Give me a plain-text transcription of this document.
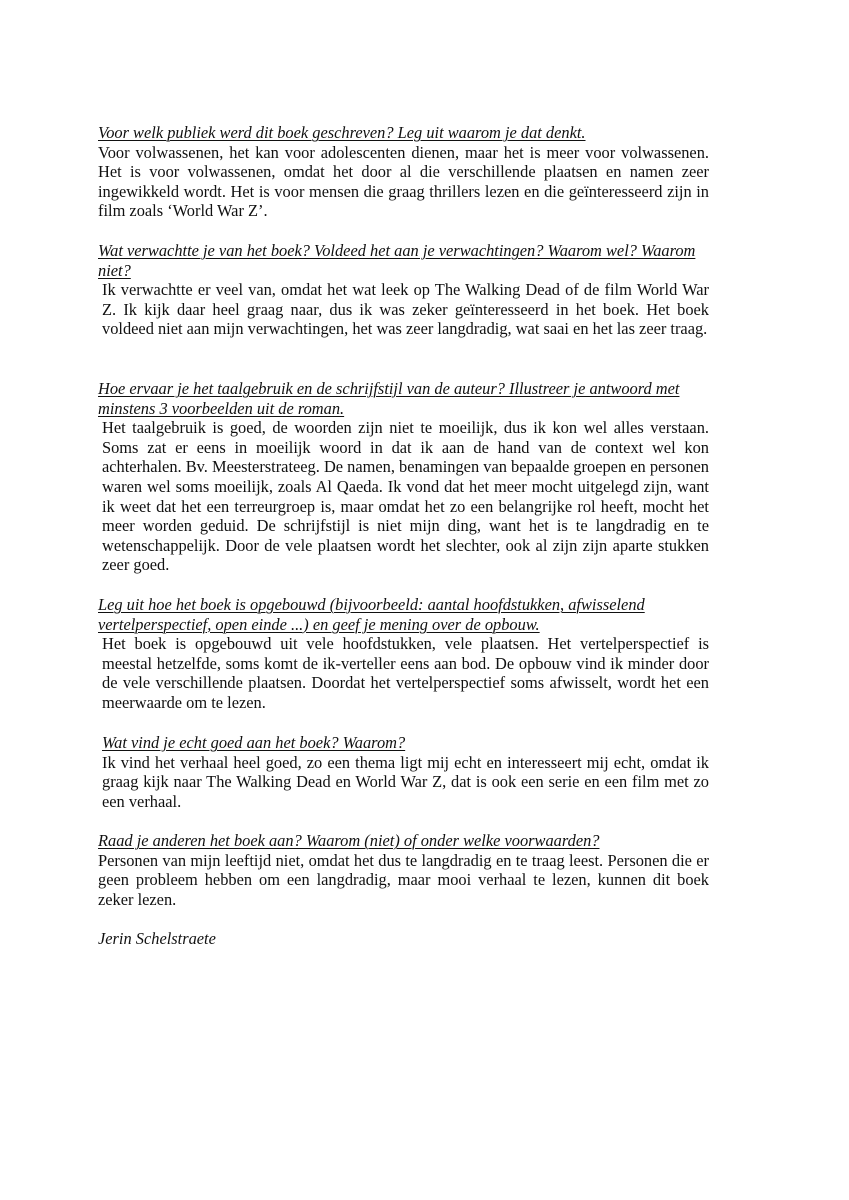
Voor welk publiek werd dit boek geschreven? Leg uit waarom je dat denkt.

Voor volwassenen, het kan voor adolescenten dienen, maar het is meer voor volwassenen. Het is voor volwassenen, omdat het door al die verschillende plaatsen en namen zeer ingewikkeld wordt. Het is voor mensen die graag thrillers lezen en die geïnteresseerd zijn in film zoals ‘World War Z’.

Wat verwachtte je van het boek? Voldeed het aan je verwachtingen? Waarom wel? Waarom niet?

Ik verwachtte er veel van, omdat het wat leek op The Walking Dead of de film World War Z. Ik kijk daar heel graag naar, dus ik was zeker geïnteresseerd in het boek. Het boek voldeed niet aan mijn verwachtingen, het was zeer langdradig, wat saai en het las zeer traag.

Hoe ervaar je het taalgebruik en de schrijfstijl van de auteur? Illustreer je antwoord met minstens 3 voorbeelden uit de roman.

Het taalgebruik is goed, de woorden zijn niet te moeilijk, dus ik kon wel alles verstaan. Soms zat er eens in moeilijk woord in dat ik aan de hand van de context wel kon achterhalen. Bv. Meesterstrateeg. De namen, benamingen van bepaalde groepen en personen waren wel soms moeilijk, zoals Al Qaeda. Ik vond dat het meer mocht uitgelegd zijn, want ik weet dat het een terreurgroep is, maar omdat het zo een belangrijke rol heeft, mocht het meer worden geduid. De schrijfstijl is niet mijn ding, want het is te langdradig en te wetenschappelijk. Door de vele plaatsen wordt het slechter, ook al zijn zijn aparte stukken zeer goed.

Leg uit hoe het boek is opgebouwd (bijvoorbeeld: aantal hoofdstukken, afwisselend vertelperspectief, open einde ...) en geef je mening over de opbouw.

Het boek is opgebouwd uit vele hoofdstukken, vele plaatsen. Het vertelperspectief is meestal hetzelfde, soms komt de ik-verteller eens aan bod. De opbouw vind ik minder door de vele verschillende plaatsen. Doordat het vertelperspectief soms afwisselt, wordt het een meerwaarde om te lezen.

Wat vind je echt goed aan het boek? Waarom?

Ik vind het verhaal heel goed, zo een thema ligt mij echt en interesseert mij echt, omdat ik graag kijk naar The Walking Dead en World War Z, dat is ook een serie en een film met zo een verhaal.

Raad je anderen het boek aan? Waarom (niet) of onder welke voorwaarden?

Personen van mijn leeftijd niet, omdat het dus te langdradig en te traag leest. Personen die er geen probleem hebben om een langdradig, maar mooi verhaal te lezen, kunnen dit boek zeker lezen.

Jerin Schelstraete
